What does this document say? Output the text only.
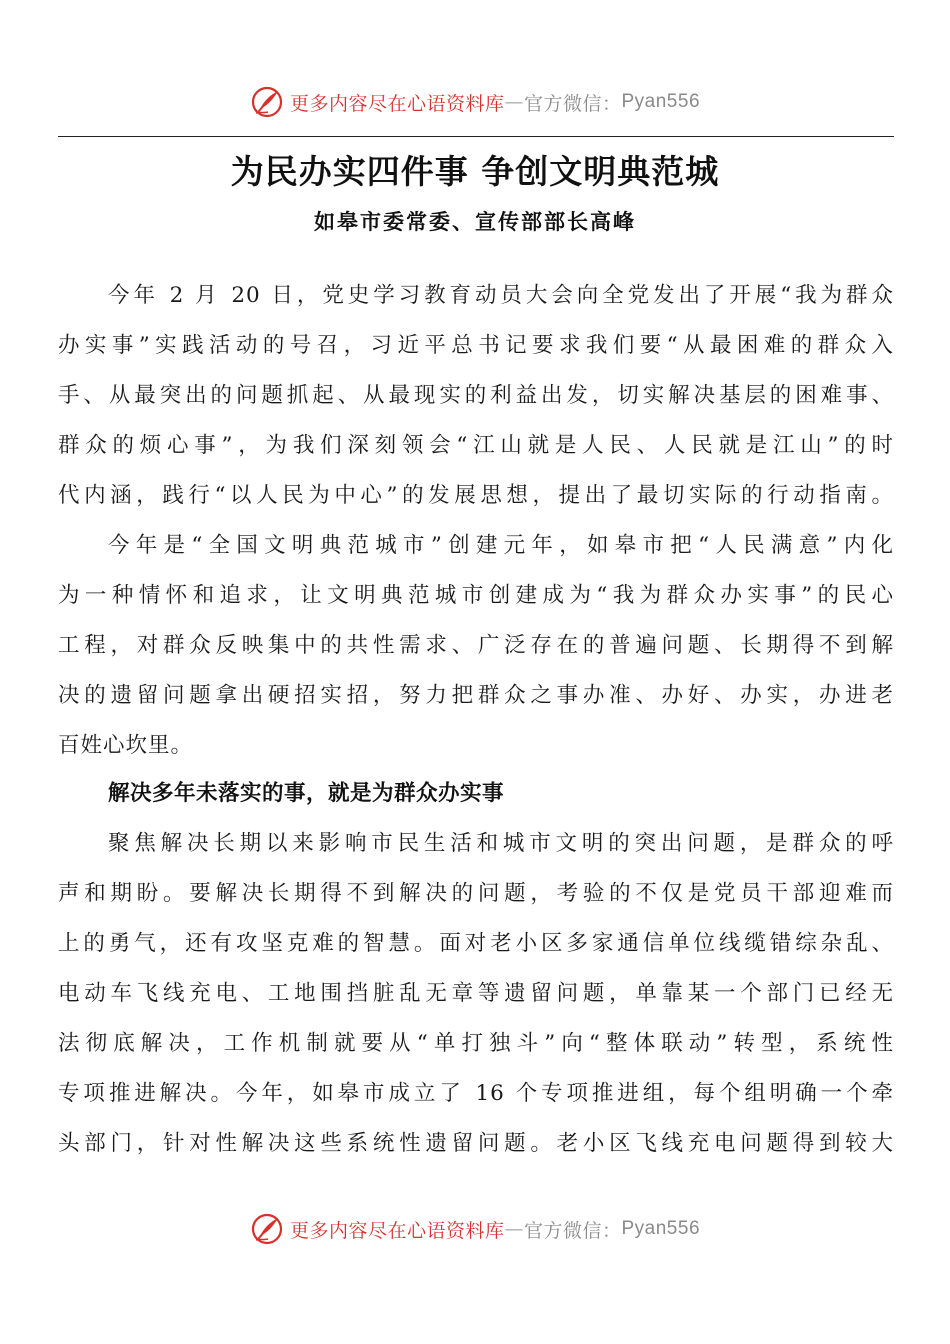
更多内容尽在心语资料库 — 官方微信： Pyan556
为民办实四件事 争创文明典范城
如皋市委常委、宣传部部长高峰
今年 2 月 20 日，党史学习教育动员大会向全党发出了开展“我为群众
办实事”实践活动的号召，习近平总书记要求我们要“从最困难的群众入
手、从最突出的问题抓起、从最现实的利益出发，切实解决基层的困难事、
群众的烦心事”，为我们深刻领会“江山就是人民、人民就是江山”的时
代内涵，践行“以人民为中心”的发展思想，提出了最切实际的行动指南。
今年是“全国文明典范城市”创建元年，如皋市把“人民满意”内化
为一种情怀和追求，让文明典范城市创建成为“我为群众办实事”的民心
工程，对群众反映集中的共性需求、广泛存在的普遍问题、长期得不到解
决的遗留问题拿出硬招实招，努力把群众之事办准、办好、办实，办进老
百姓心坎里。
解决多年未落实的事，就是为群众办实事
聚焦解决长期以来影响市民生活和城市文明的突出问题，是群众的呼
声和期盼。要解决长期得不到解决的问题，考验的不仅是党员干部迎难而
上的勇气，还有攻坚克难的智慧。面对老小区多家通信单位线缆错综杂乱、
电动车飞线充电、工地围挡脏乱无章等遗留问题，单靠某一个部门已经无
法彻底解决，工作机制就要从“单打独斗”向“整体联动”转型，系统性
专项推进解决。今年，如皋市成立了 16 个专项推进组，每个组明确一个牵
头部门，针对性解决这些系统性遗留问题。老小区飞线充电问题得到较大
更多内容尽在心语资料库 — 官方微信： Pyan556
